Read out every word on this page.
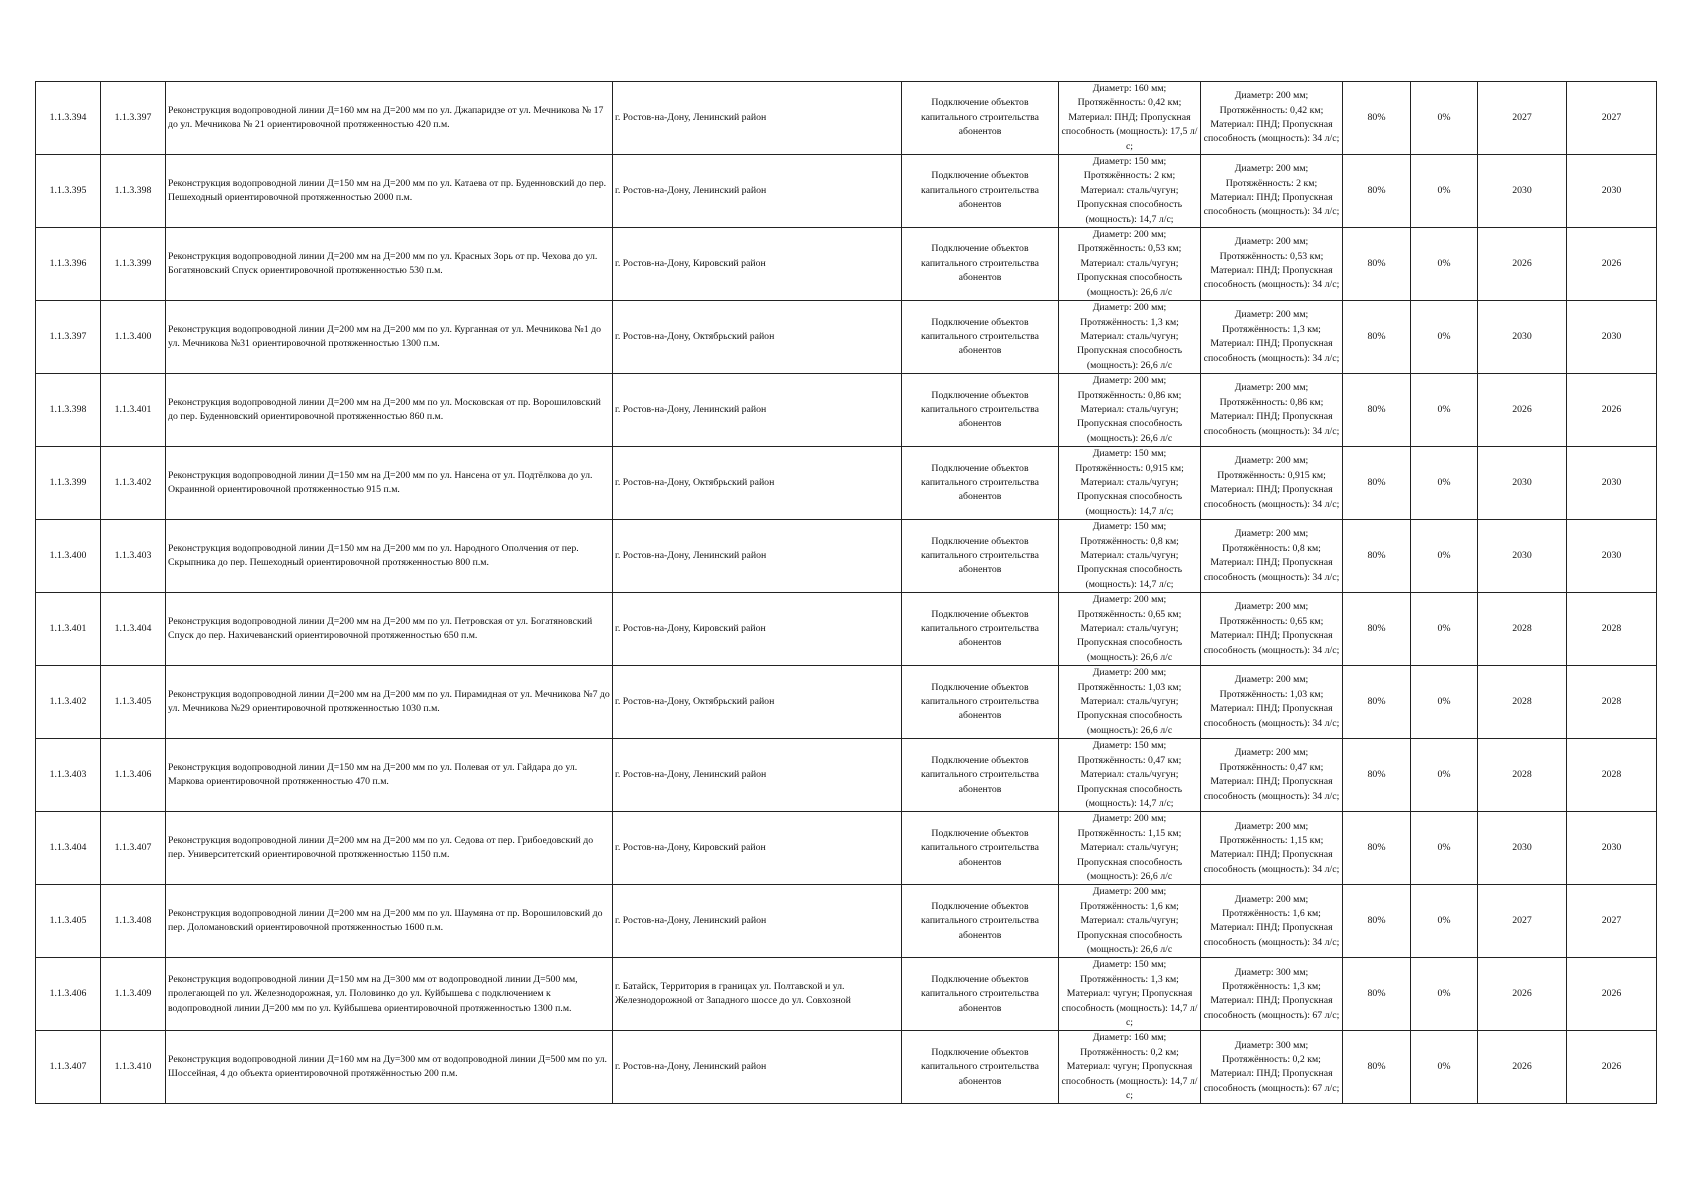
1.1.3.394	1.1.3.397	Реконструкция водопроводной линии Д=160 мм на Д=200 мм по ул. Джапаридзе от ул. Мечникова № 17 до ул. Мечникова № 21 ориентировочной протяженностью 420 п.м.	г. Ростов-на-Дону, Ленинский район	Подключение объектов капитального строительства абонентов	Диаметр: 160 мм; Протяжённость: 0,42 км; Материал: ПНД; Пропускная способность (мощность): 17,5 л/с;	Диаметр: 200 мм; Протяжённость: 0,42 км; Материал: ПНД; Пропускная способность (мощность): 34 л/с;	80%	0%	2027	2027
1.1.3.395	1.1.3.398	Реконструкция водопроводной линии Д=150 мм на Д=200 мм по ул. Катаева от пр. Буденновский до пер. Пешеходный ориентировочной протяженностью 2000 п.м.	г. Ростов-на-Дону, Ленинский район	Подключение объектов капитального строительства абонентов	Диаметр: 150 мм; Протяжённость: 2 км; Материал: сталь/чугун; Пропускная способность (мощность): 14,7 л/с;	Диаметр: 200 мм; Протяжённость: 2 км; Материал: ПНД; Пропускная способность (мощность): 34 л/с;	80%	0%	2030	2030
1.1.3.396	1.1.3.399	Реконструкция водопроводной линии Д=200 мм на Д=200 мм по ул. Красных Зорь от пр. Чехова до ул. Богатяновский Спуск ориентировочной протяженностью 530 п.м.	г. Ростов-на-Дону, Кировский район	Подключение объектов капитального строительства абонентов	Диаметр: 200 мм; Протяжённость: 0,53 км; Материал: сталь/чугун; Пропускная способность (мощность): 26,6 л/с	Диаметр: 200 мм; Протяжённость: 0,53 км; Материал: ПНД; Пропускная способность (мощность): 34 л/с;	80%	0%	2026	2026
1.1.3.397	1.1.3.400	Реконструкция водопроводной линии Д=200 мм на Д=200 мм по ул. Курганная от ул. Мечникова №1 до ул. Мечникова №31 ориентировочной протяженностью 1300 п.м.	г. Ростов-на-Дону, Октябрьский район	Подключение объектов капитального строительства абонентов	Диаметр: 200 мм; Протяжённость: 1,3 км; Материал: сталь/чугун; Пропускная способность (мощность): 26,6 л/с	Диаметр: 200 мм; Протяжённость: 1,3 км; Материал: ПНД; Пропускная способность (мощность): 34 л/с;	80%	0%	2030	2030
1.1.3.398	1.1.3.401	Реконструкция водопроводной линии Д=200 мм на Д=200 мм по ул. Московская от пр. Ворошиловский до пер. Буденновский ориентировочной протяженностью 860 п.м.	г. Ростов-на-Дону, Ленинский район	Подключение объектов капитального строительства абонентов	Диаметр: 200 мм; Протяжённость: 0,86 км; Материал: сталь/чугун; Пропускная способность (мощность): 26,6 л/с	Диаметр: 200 мм; Протяжённость: 0,86 км; Материал: ПНД; Пропускная способность (мощность): 34 л/с;	80%	0%	2026	2026
1.1.3.399	1.1.3.402	Реконструкция водопроводной линии Д=150 мм на Д=200 мм по ул. Нансена от ул. Подтёлкова до ул. Окраинной ориентировочной протяженностью 915 п.м.	г. Ростов-на-Дону, Октябрьский район	Подключение объектов капитального строительства абонентов	Диаметр: 150 мм; Протяжённость: 0,915 км; Материал: сталь/чугун; Пропускная способность (мощность): 14,7 л/с;	Диаметр: 200 мм; Протяжённость: 0,915 км; Материал: ПНД; Пропускная способность (мощность): 34 л/с;	80%	0%	2030	2030
1.1.3.400	1.1.3.403	Реконструкция водопроводной линии Д=150 мм на Д=200 мм по ул. Народного Ополчения от пер. Скрыпника до пер. Пешеходный ориентировочной протяженностью 800 п.м.	г. Ростов-на-Дону, Ленинский район	Подключение объектов капитального строительства абонентов	Диаметр: 150 мм; Протяжённость: 0,8 км; Материал: сталь/чугун; Пропускная способность (мощность): 14,7 л/с;	Диаметр: 200 мм; Протяжённость: 0,8 км; Материал: ПНД; Пропускная способность (мощность): 34 л/с;	80%	0%	2030	2030
1.1.3.401	1.1.3.404	Реконструкция водопроводной линии Д=200 мм на Д=200 мм по ул. Петровская от ул. Богатяновский Спуск до пер. Нахичеванский ориентировочной протяженностью 650 п.м.	г. Ростов-на-Дону, Кировский район	Подключение объектов капитального строительства абонентов	Диаметр: 200 мм; Протяжённость: 0,65 км; Материал: сталь/чугун; Пропускная способность (мощность): 26,6 л/с	Диаметр: 200 мм; Протяжённость: 0,65 км; Материал: ПНД; Пропускная способность (мощность): 34 л/с;	80%	0%	2028	2028
1.1.3.402	1.1.3.405	Реконструкция водопроводной линии Д=200 мм на Д=200 мм по ул. Пирамидная от ул. Мечникова №7 до ул. Мечникова №29 ориентировочной протяженностью 1030 п.м.	г. Ростов-на-Дону, Октябрьский район	Подключение объектов капитального строительства абонентов	Диаметр: 200 мм; Протяжённость: 1,03 км; Материал: сталь/чугун; Пропускная способность (мощность): 26,6 л/с	Диаметр: 200 мм; Протяжённость: 1,03 км; Материал: ПНД; Пропускная способность (мощность): 34 л/с;	80%	0%	2028	2028
1.1.3.403	1.1.3.406	Реконструкция водопроводной линии Д=150 мм на Д=200 мм по ул. Полевая от ул. Гайдара до ул. Маркова ориентировочной протяженностью 470 п.м.	г. Ростов-на-Дону, Ленинский район	Подключение объектов капитального строительства абонентов	Диаметр: 150 мм; Протяжённость: 0,47 км; Материал: сталь/чугун; Пропускная способность (мощность): 14,7 л/с;	Диаметр: 200 мм; Протяжённость: 0,47 км; Материал: ПНД; Пропускная способность (мощность): 34 л/с;	80%	0%	2028	2028
1.1.3.404	1.1.3.407	Реконструкция водопроводной линии Д=200 мм на Д=200 мм по ул. Седова от пер. Грибоедовский до пер. Университетский ориентировочной протяженностью 1150 п.м.	г. Ростов-на-Дону, Кировский район	Подключение объектов капитального строительства абонентов	Диаметр: 200 мм; Протяжённость: 1,15 км; Материал: сталь/чугун; Пропускная способность (мощность): 26,6 л/с	Диаметр: 200 мм; Протяжённость: 1,15 км; Материал: ПНД; Пропускная способность (мощность): 34 л/с;	80%	0%	2030	2030
1.1.3.405	1.1.3.408	Реконструкция водопроводной линии Д=200 мм на Д=200 мм по ул. Шаумяна от пр. Ворошиловский до пер. Доломановский ориентировочной протяженностью 1600 п.м.	г. Ростов-на-Дону, Ленинский район	Подключение объектов капитального строительства абонентов	Диаметр: 200 мм; Протяжённость: 1,6 км; Материал: сталь/чугун; Пропускная способность (мощность): 26,6 л/с	Диаметр: 200 мм; Протяжённость: 1,6 км; Материал: ПНД; Пропускная способность (мощность): 34 л/с;	80%	0%	2027	2027
1.1.3.406	1.1.3.409	Реконструкция водопроводной линии Д=150 мм на Д=300 мм от водопроводной линии Д=500 мм, пролегающей по ул. Железнодорожная, ул. Половинко до ул. Куйбышева с подключением к водопроводной линии Д=200 мм по ул. Куйбышева ориентировочной протяженностью 1300 п.м.	г. Батайск, Территория в границах ул. Полтавской и ул. Железнодорожной от Западного шоссе до ул. Совхозной	Подключение объектов капитального строительства абонентов	Диаметр: 150 мм; Протяжённость: 1,3 км; Материал: чугун; Пропускная способность (мощность): 14,7 л/с;	Диаметр: 300 мм; Протяжённость: 1,3 км; Материал: ПНД; Пропускная способность (мощность): 67 л/с;	80%	0%	2026	2026
1.1.3.407	1.1.3.410	Реконструкция водопроводной линии Д=160 мм на Ду=300 мм от водопроводной линии Д=500 мм по ул. Шоссейная, 4 до объекта ориентировочной протяжённостью 200 п.м.	г. Ростов-на-Дону, Ленинский район	Подключение объектов капитального строительства абонентов	Диаметр: 160 мм; Протяжённость: 0,2 км; Материал: чугун; Пропускная способность (мощность): 14,7 л/с;	Диаметр: 300 мм; Протяжённость: 0,2 км; Материал: ПНД; Пропускная способность (мощность): 67 л/с;	80%	0%	2026	2026
